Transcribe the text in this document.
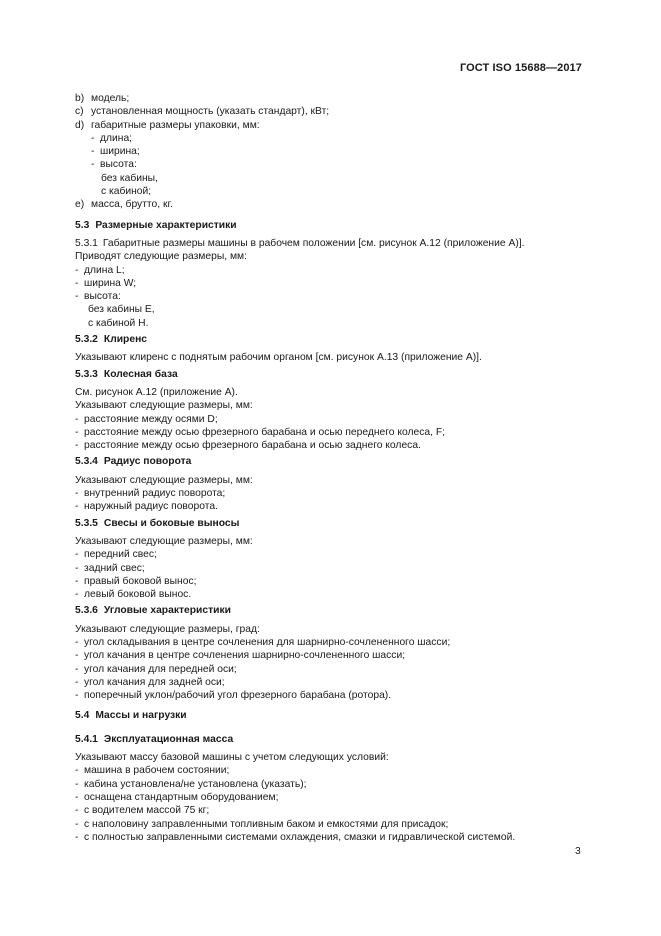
ГОСТ ISO 15688—2017
b) модель;
c) установленная мощность (указать стандарт), кВт;
d) габаритные размеры упаковки, мм:
- длина;
- ширина;
- высота:
без кабины,
с кабиной;
e) масса, брутто, кг.
5.3 Размерные характеристики
5.3.1 Габаритные размеры машины в рабочем положении [см. рисунок А.12 (приложение А)].
Приводят следующие размеры, мм:
- длина L;
- ширина W;
- высота:
без кабины E,
с кабиной H.
5.3.2 Клиренс
Указывают клиренс с поднятым рабочим органом [см. рисунок А.13 (приложение А)].
5.3.3 Колесная база
См. рисунок А.12 (приложение А).
Указывают следующие размеры, мм:
- расстояние между осями D;
- расстояние между осью фрезерного барабана и осью переднего колеса, F;
- расстояние между осью фрезерного барабана и осью заднего колеса.
5.3.4 Радиус поворота
Указывают следующие размеры, мм:
- внутренний радиус поворота;
- наружный радиус поворота.
5.3.5 Свесы и боковые выносы
Указывают следующие размеры, мм:
- передний свес;
- задний свес;
- правый боковой вынос;
- левый боковой вынос.
5.3.6 Угловые характеристики
Указывают следующие размеры, град:
- угол складывания в центре сочленения для шарнирно-сочлененного шасси;
- угол качания в центре сочленения шарнирно-сочлененного шасси;
- угол качания для передней оси;
- угол качания для задней оси;
- поперечный уклон/рабочий угол фрезерного барабана (ротора).
5.4 Массы и нагрузки
5.4.1 Эксплуатационная масса
Указывают массу базовой машины с учетом следующих условий:
- машина в рабочем состоянии;
- кабина установлена/не установлена (указать);
- оснащена стандартным оборудованием;
- с водителем массой 75 кг;
- с наполовину заправленными топливным баком и емкостями для присадок;
- с полностью заправленными системами охлаждения, смазки и гидравлической системой.
3
